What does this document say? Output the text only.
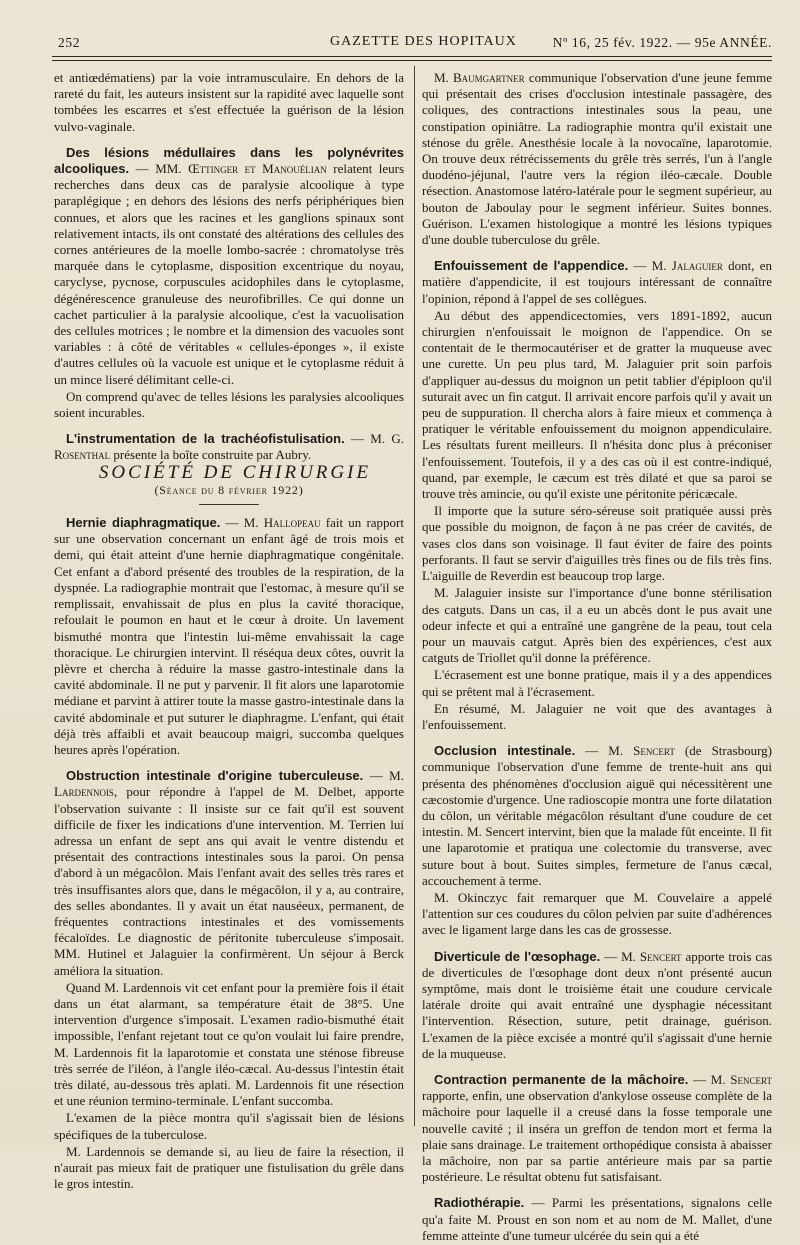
252	GAZETTE DES HOPITAUX	Nº 16, 25 fév. 1922. — 95e ANNÉE.

et antiœdématiens) par la voie intramusculaire. En dehors de la rareté du fait, les auteurs insistent sur la rapidité avec laquelle sont tombées les escarres et s'est effectuée la guérison de la lésion vulvo-vaginale.

Des lésions médullaires dans les polynévrites alcooliques. — MM. Œttinger et Manouélian relatent leurs recherches dans deux cas de paralysie alcoolique à type paraplégique ; en dehors des lésions des nerfs périphériques bien connues, et alors que les racines et les ganglions spinaux sont relativement intacts, ils ont constaté des altérations des cellules des cornes antérieures de la moelle lombo-sacrée : chromatolyse très marquée dans le cytoplasme, disposition excentrique du noyau, caryclyse, pycnose, corpuscules acidophiles dans le cytoplasme, dégénérescence granuleuse des neurofibrilles. Ce qui donne un cachet particulier à la paralysie alcoolique, c'est la vacuolisation des cellules motrices ; le nombre et la dimension des vacuoles sont variables : à côté de véritables « cellules-éponges », il existe d'autres cellules où la vacuole est unique et le cytoplasme réduit à un mince liseré délimitant celle-ci.

On comprend qu'avec de telles lésions les paralysies alcooliques soient incurables.

L'instrumentation de la trachéofistulisation. — M. G. Rosenthal présente la boîte construite par Aubry.

SOCIÉTÉ DE CHIRURGIE

(Séance du 8 février 1922)

Hernie diaphragmatique. — M. Hallopeau fait un rapport sur une observation concernant un enfant âgé de trois mois et demi, qui était atteint d'une hernie diaphragmatique congénitale. Cet enfant a d'abord présenté des troubles de la respiration, de la dyspnée. La radiographie montrait que l'estomac, à mesure qu'il se remplissait, envahissait de plus en plus la cavité thoracique, refoulait le poumon en haut et le cœur à droite. Un lavement bismuthé montra que l'intestin lui-même envahissait la cage thoracique. Le chirurgien intervint. Il réséqua deux côtes, ouvrit la plèvre et chercha à réduire la masse gastro-intestinale dans la cavité abdominale. Il ne put y parvenir. Il fit alors une laparotomie médiane et parvint à attirer toute la masse gastro-intestinale dans la cavité abdominale et put suturer le diaphragme. L'enfant, qui était déjà très affaibli et avait beaucoup maigri, succomba quelques heures après l'opération.

Obstruction intestinale d'origine tuberculeuse. — M. Lardennois, pour répondre à l'appel de M. Delbet, apporte l'observation suivante : Il insiste sur ce fait qu'il est souvent difficile de fixer les indications d'une intervention. M. Terrien lui adressa un enfant de sept ans qui avait le ventre distendu et présentait des contractions intestinales sous la paroi. On pensa d'abord à un mégacôlon. Mais l'enfant avait des selles très rares et très insuffisantes alors que, dans le mégacôlon, il y a, au contraire, des selles abondantes. Il y avait un état nauséeux, permanent, de fréquentes contractions intestinales et des vomissements fécaloïdes. Le diagnostic de péritonite tuberculeuse s'imposait. MM. Hutinel et Jalaguier la confirmèrent. Un séjour à Berck améliora la situation.

Quand M. Lardennois vit cet enfant pour la première fois il était dans un état alarmant, sa température était de 38°5. Une intervention d'urgence s'imposait. L'examen radio-bismuthé était impossible, l'enfant rejetant tout ce qu'on voulait lui faire prendre, M. Lardennois fit la laparotomie et constata une sténose fibreuse très serrée de l'iléon, à l'angle iléo-cæcal. Au-dessus l'intestin était très dilaté, au-dessous très aplati. M. Lardennois fit une résection et une réunion termino-terminale. L'enfant succomba.

L'examen de la pièce montra qu'il s'agissait bien de lésions spécifiques de la tuberculose.

M. Lardennois se demande si, au lieu de faire la résection, il n'aurait pas mieux fait de pratiquer une fistulisation du grêle dans le gros intestin.

M. Baumgartner communique l'observation d'une jeune femme qui présentait des crises d'occlusion intestinale passagère, des coliques, des contractions intestinales sous la peau, une constipation opiniâtre. La radiographie montra qu'il existait une sténose du grêle. Anesthésie locale à la novocaïne, laparotomie. On trouve deux rétrécissements du grêle très serrés, l'un à l'angle duodéno-jéjunal, l'autre vers la région iléo-cæcale. Double résection. Anastomose latéro-latérale pour le segment supérieur, au bouton de Jaboulay pour le segment inférieur. Suites bonnes. Guérison. L'examen histologique a montré les lésions typiques d'une double tuberculose du grêle.

Enfouissement de l'appendice. — M. Jalaguier dont, en matière d'appendicite, il est toujours intéressant de connaître l'opinion, répond à l'appel de ses collègues.

Au début des appendicectomies, vers 1891-1892, aucun chirurgien n'enfouissait le moignon de l'appendice. On se contentait de le thermocautériser et de gratter la muqueuse avec une curette. Un peu plus tard, M. Jalaguier prit soin parfois d'appliquer au-dessus du moignon un petit tablier d'épiploon qu'il suturait avec un fin catgut. Il arrivait encore parfois qu'il y avait un peu de suppuration. Il chercha alors à faire mieux et commença à pratiquer le véritable enfouissement du moignon appendiculaire. Les résultats furent meilleurs. Il n'hésita donc plus à préconiser l'enfouissement. Toutefois, il y a des cas où il est contre-indiqué, quand, par exemple, le cæcum est très dilaté et que sa paroi se trouve très amincie, ou qu'il existe une péritonite péricæcale.

Il importe que la suture séro-séreuse soit pratiquée aussi près que possible du moignon, de façon à ne pas créer de cavités, de vases clos dans son voisinage. Il faut éviter de faire des points perforants. Il faut se servir d'aiguilles très fines ou de fils très fins. L'aiguille de Reverdin est beaucoup trop large.

M. Jalaguier insiste sur l'importance d'une bonne stérilisation des catguts. Dans un cas, il a eu un abcès dont le pus avait une odeur infecte et qui a entraîné une gangrène de la peau, tout cela pour un mauvais catgut. Après bien des expériences, c'est aux catguts de Triollet qu'il donne la préférence.

L'écrasement est une bonne pratique, mais il y a des appendices qui se prêtent mal à l'écrasement.

En résumé, M. Jalaguier ne voit que des avantages à l'enfouissement.

Occlusion intestinale. — M. Sencert (de Strasbourg) communique l'observation d'une femme de trente-huit ans qui présenta des phénomènes d'occlusion aiguë qui nécessitèrent une cæcostomie d'urgence. Une radioscopie montra une forte dilatation du côlon, un véritable mégacôlon résultant d'une coudure de cet intestin. M. Sencert intervint, bien que la malade fût enceinte. Il fit une laparotomie et pratiqua une colectomie du transverse, avec suture bout à bout. Suites simples, fermeture de l'anus cæcal, accouchement à terme.

M. Okinczyc fait remarquer que M. Couvelaire a appelé l'attention sur ces coudures du côlon pelvien par suite d'adhérences avec le ligament large dans les cas de grossesse.

Diverticule de l'œsophage. — M. Sencert apporte trois cas de diverticules de l'œsophage dont deux n'ont présenté aucun symptôme, mais dont le troisième était une coudure cervicale latérale droite qui avait entraîné une dysphagie nécessitant l'intervention. Résection, suture, petit drainage, guérison. L'examen de la pièce excisée a montré qu'il s'agissait d'une hernie de la muqueuse.

Contraction permanente de la mâchoire. — M. Sencert rapporte, enfin, une observation d'ankylose osseuse complète de la mâchoire pour laquelle il a creusé dans la fosse temporale une nouvelle cavité ; il inséra un greffon de tendon mort et ferma la plaie sans drainage. Le traitement orthopédique consista à abaisser la mâchoire, non par sa partie antérieure mais par sa partie postérieure. Le résultat obtenu fut satisfaisant.

Radiothérapie. — Parmi les présentations, signalons celle qu'a faite M. Proust en son nom et au nom de M. Mallet, d'une femme atteinte d'une tumeur ulcérée du sein qui a été
